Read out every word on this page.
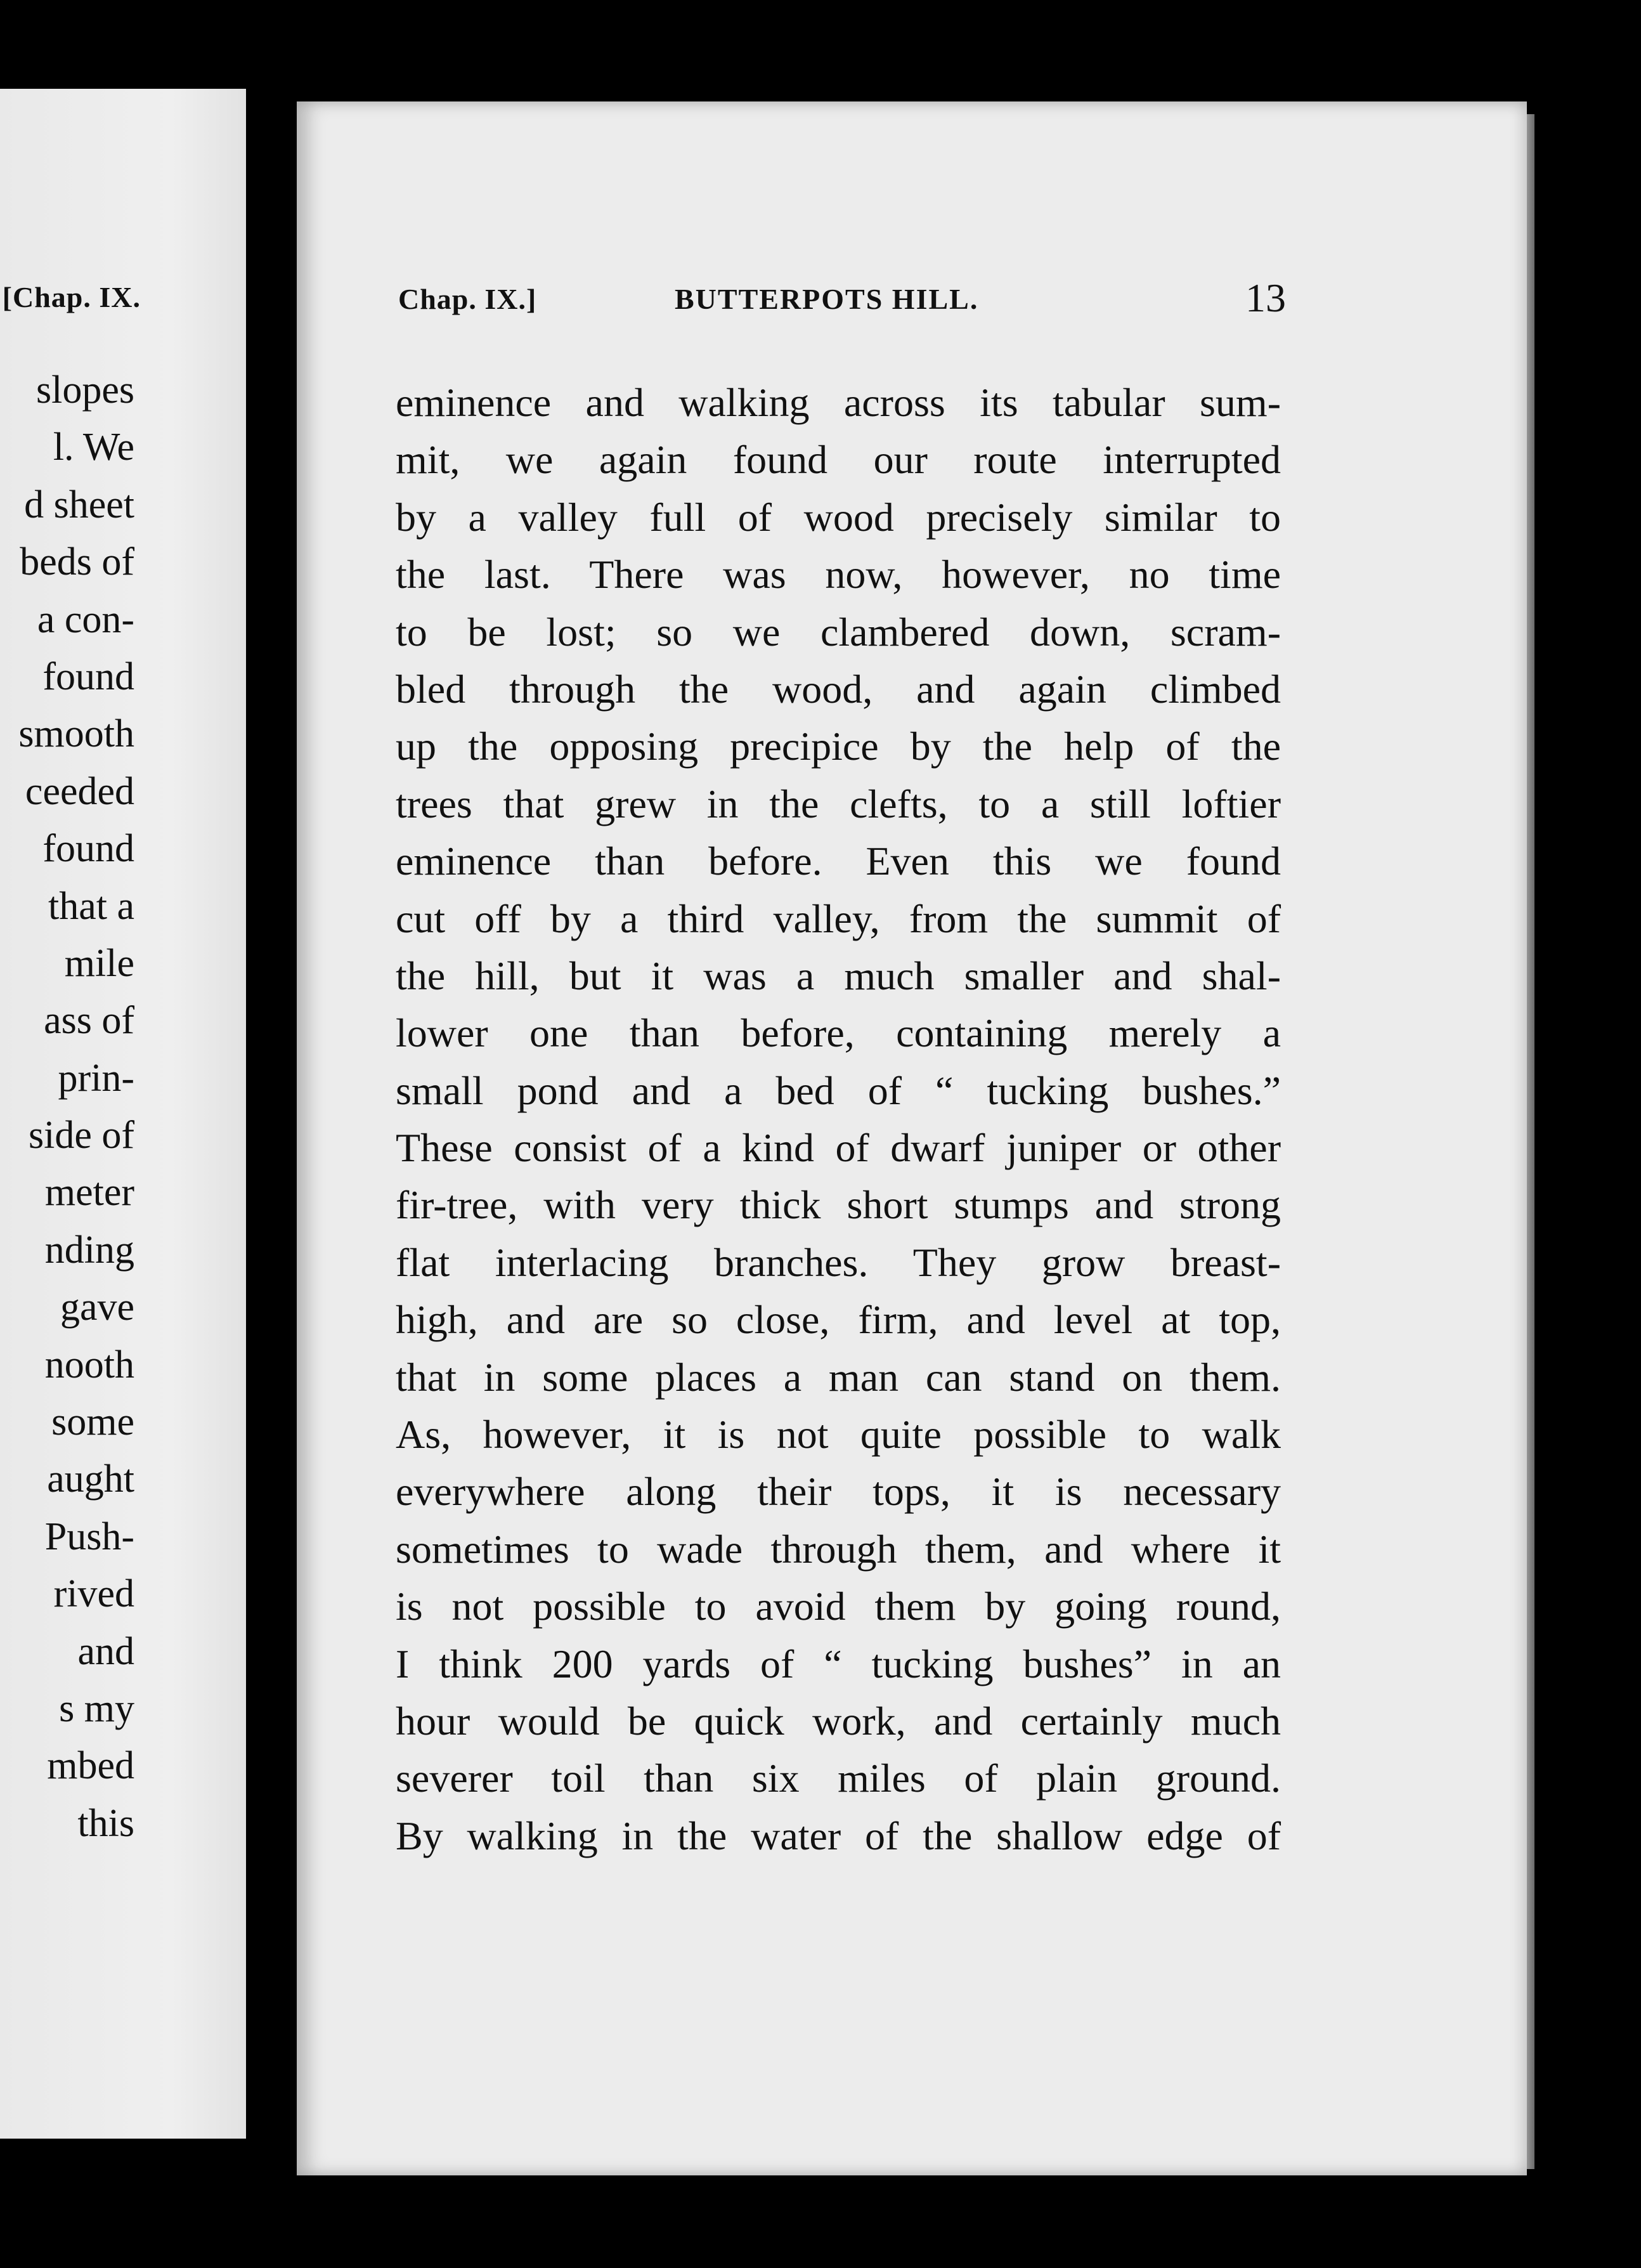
[Chap. IX.
slopes
l. We
d sheet
beds of
a con-
found
smooth
ceeded
found
that a
mile
ass of
prin-
side of
meter
nding
gave
nooth
some
aught
Push-
rived
and
s my
mbed
this
Chap. IX.]	BUTTERPOTS HILL.	13
eminence and walking across its tabular sum-
mit, we again found our route interrupted
by a valley full of wood precisely similar to
the last. There was now, however, no time
to be lost; so we clambered down, scram-
bled through the wood, and again climbed
up the opposing precipice by the help of the
trees that grew in the clefts, to a still loftier
eminence than before. Even this we found
cut off by a third valley, from the summit of
the hill, but it was a much smaller and shal-
lower one than before, containing merely a
small pond and a bed of “ tucking bushes.”
These consist of a kind of dwarf juniper or other
fir-tree, with very thick short stumps and strong
flat interlacing branches. They grow breast-
high, and are so close, firm, and level at top,
that in some places a man can stand on them.
As, however, it is not quite possible to walk
everywhere along their tops, it is necessary
sometimes to wade through them, and where it
is not possible to avoid them by going round,
I think 200 yards of “ tucking bushes” in an
hour would be quick work, and certainly much
severer toil than six miles of plain ground.
By walking in the water of the shallow edge of
